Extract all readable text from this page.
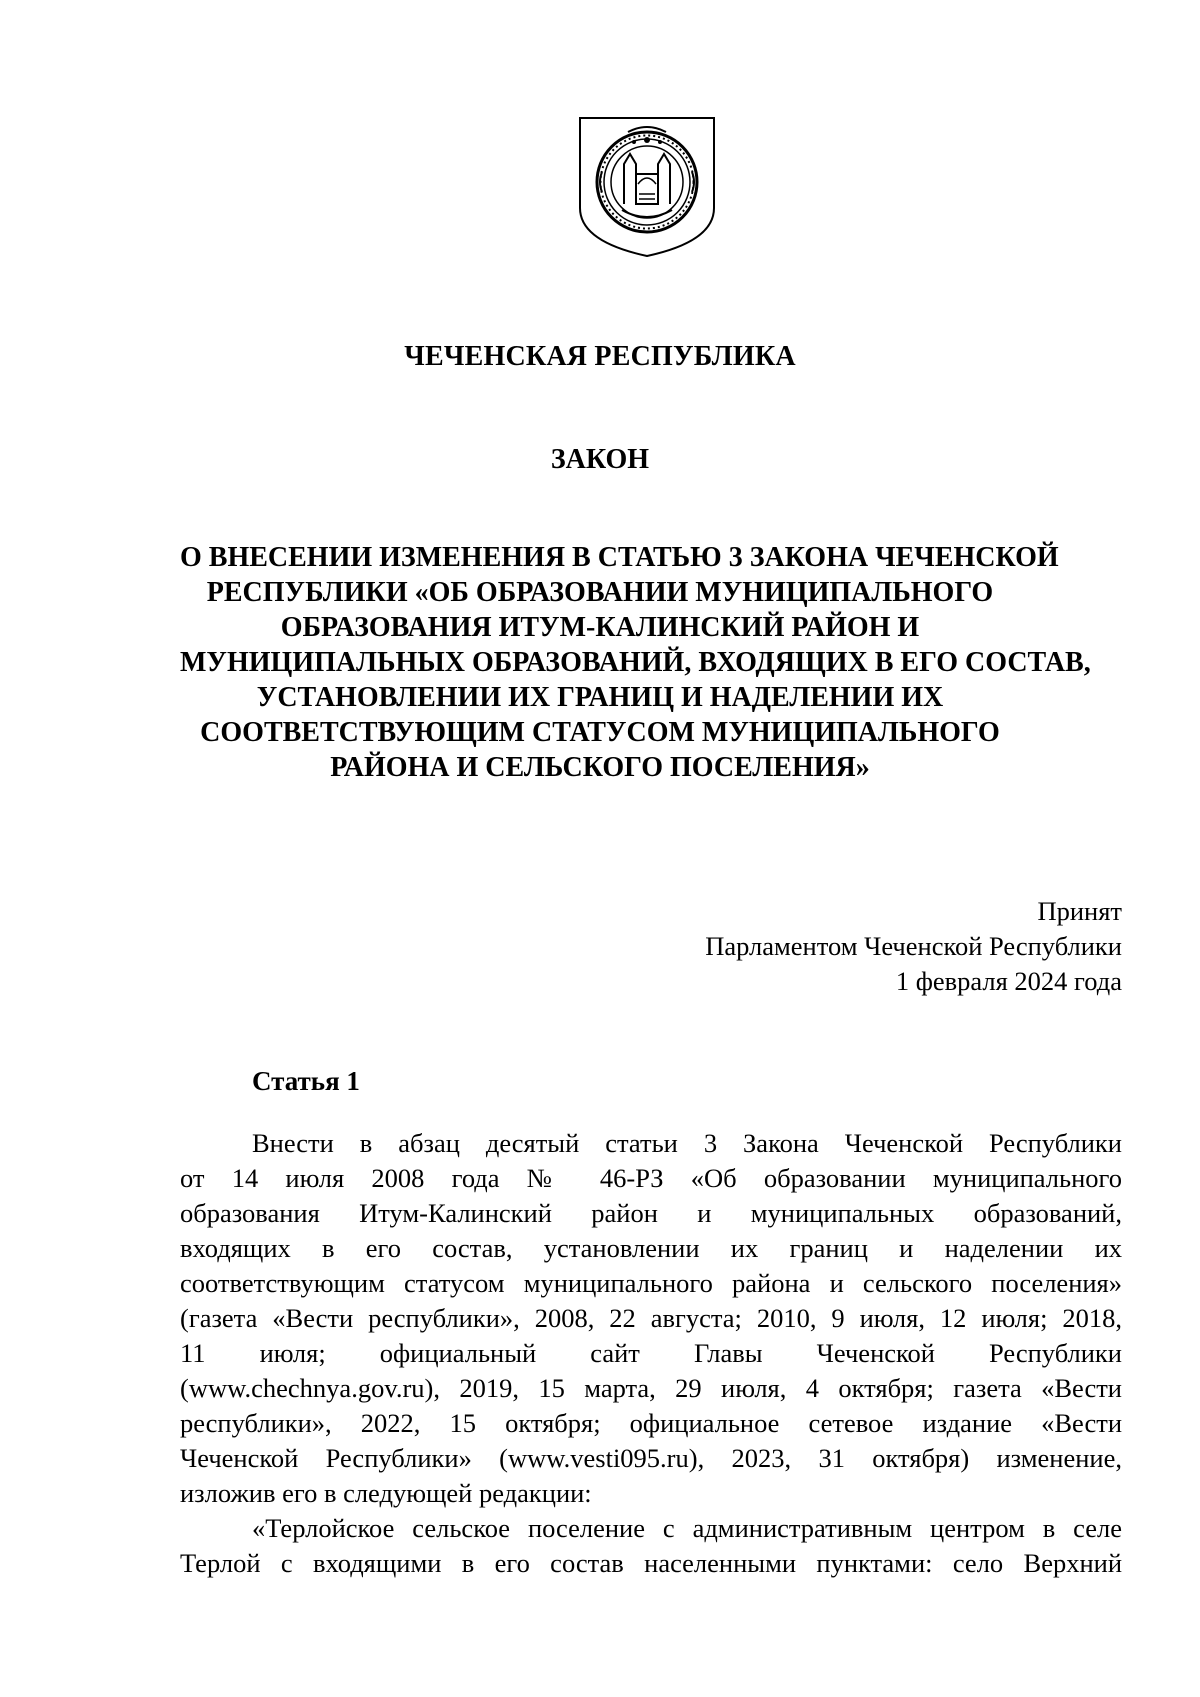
ЧЕЧЕНСКАЯ РЕСПУБЛИКА
ЗАКОН
О ВНЕСЕНИИ ИЗМЕНЕНИЯ В СТАТЬЮ 3 ЗАКОНА ЧЕЧЕНСКОЙ
РЕСПУБЛИКИ «ОБ ОБРАЗОВАНИИ МУНИЦИПАЛЬНОГО
ОБРАЗОВАНИЯ ИТУМ-КАЛИНСКИЙ РАЙОН И
МУНИЦИПАЛЬНЫХ ОБРАЗОВАНИЙ, ВХОДЯЩИХ В ЕГО СОСТАВ,
УСТАНОВЛЕНИИ ИХ ГРАНИЦ И НАДЕЛЕНИИ ИХ
СООТВЕТСТВУЮЩИМ СТАТУСОМ МУНИЦИПАЛЬНОГО
РАЙОНА И СЕЛЬСКОГО ПОСЕЛЕНИЯ»
Принят
Парламентом Чеченской Республики
1 февраля 2024 года
Статья 1
Внести в абзац десятый статьи 3 Закона Чеченской Республики
от 14 июля 2008 года № 46-РЗ «Об образовании муниципального
образования Итум-Калинский район и муниципальных образований,
входящих в его состав, установлении их границ и наделении их
соответствующим статусом муниципального района и сельского поселения»
(газета «Вести республики», 2008, 22 августа; 2010, 9 июля, 12 июля; 2018,
11 июля; официальный сайт Главы Чеченской Республики
(www.chechnya.gov.ru), 2019, 15 марта, 29 июля, 4 октября; газета «Вести
республики», 2022, 15 октября; официальное сетевое издание «Вести
Чеченской Республики» (www.vesti095.ru), 2023, 31 октября) изменение,
изложив его в следующей редакции:
«Терлойское сельское поселение с административным центром в селе
Терлой с входящими в его состав населенными пунктами: село Верхний
